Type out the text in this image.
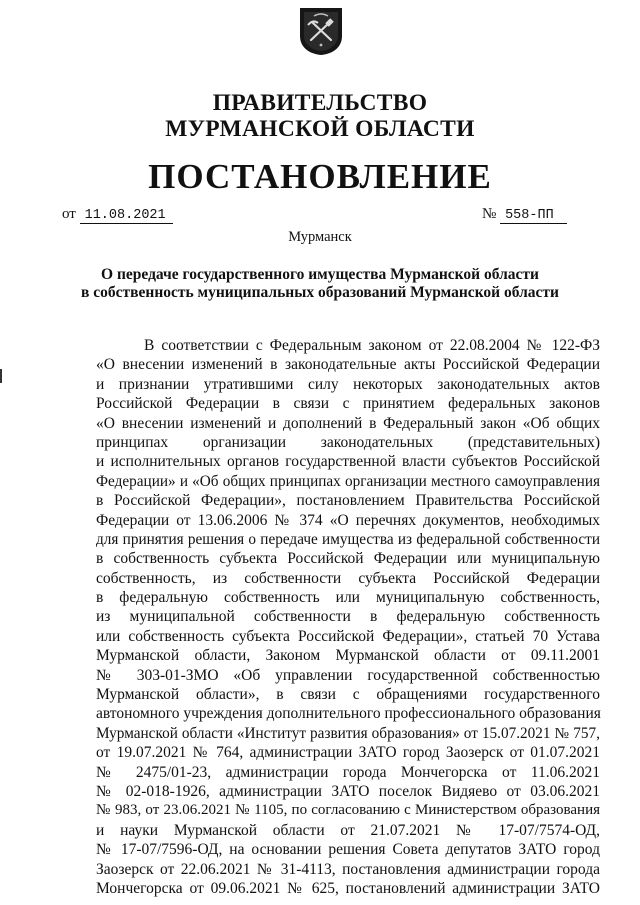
ПРАВИТЕЛЬСТВО
МУРМАНСКОЙ ОБЛАСТИ
ПОСТАНОВЛЕНИЕ
от 11.08.2021	№ 558-ПП
Мурманск
О передаче государственного имущества Мурманской области
в собственность муниципальных образований Мурманской области
В соответствии с Федеральным законом от 22.08.2004 № 122-ФЗ
«О внесении изменений в законодательные акты Российской Федерации
и признании утратившими силу некоторых законодательных актов
Российской Федерации в связи с принятием федеральных законов
«О внесении изменений и дополнений в Федеральный закон «Об общих
принципах организации законодательных (представительных)
и исполнительных органов государственной власти субъектов Российской
Федерации» и «Об общих принципах организации местного самоуправления
в Российской Федерации», постановлением Правительства Российской
Федерации от 13.06.2006 № 374 «О перечнях документов, необходимых
для принятия решения о передаче имущества из федеральной собственности
в собственность субъекта Российской Федерации или муниципальную
собственность, из собственности субъекта Российской Федерации
в федеральную собственность или муниципальную собственность,
из муниципальной собственности в федеральную собственность
или собственность субъекта Российской Федерации», статьей 70 Устава
Мурманской области, Законом Мурманской области от 09.11.2001
№ 303-01-ЗМО «Об управлении государственной собственностью
Мурманской области», в связи с обращениями государственного
автономного учреждения дополнительного профессионального образования
Мурманской области «Институт развития образования» от 15.07.2021 № 757,
от 19.07.2021 № 764, администрации ЗАТО город Заозерск от 01.07.2021
№ 2475/01-23, администрации города Мончегорска от 11.06.2021
№ 02-018-1926, администрации ЗАТО поселок Видяево от 03.06.2021
№ 983, от 23.06.2021 № 1105, по согласованию с Министерством образования
и науки Мурманской области от 21.07.2021 № 17-07/7574-ОД,
№ 17-07/7596-ОД, на основании решения Совета депутатов ЗАТО город
Заозерск от 22.06.2021 № 31-4113, постановления администрации города
Мончегорска от 09.06.2021 № 625, постановлений администрации ЗАТО
